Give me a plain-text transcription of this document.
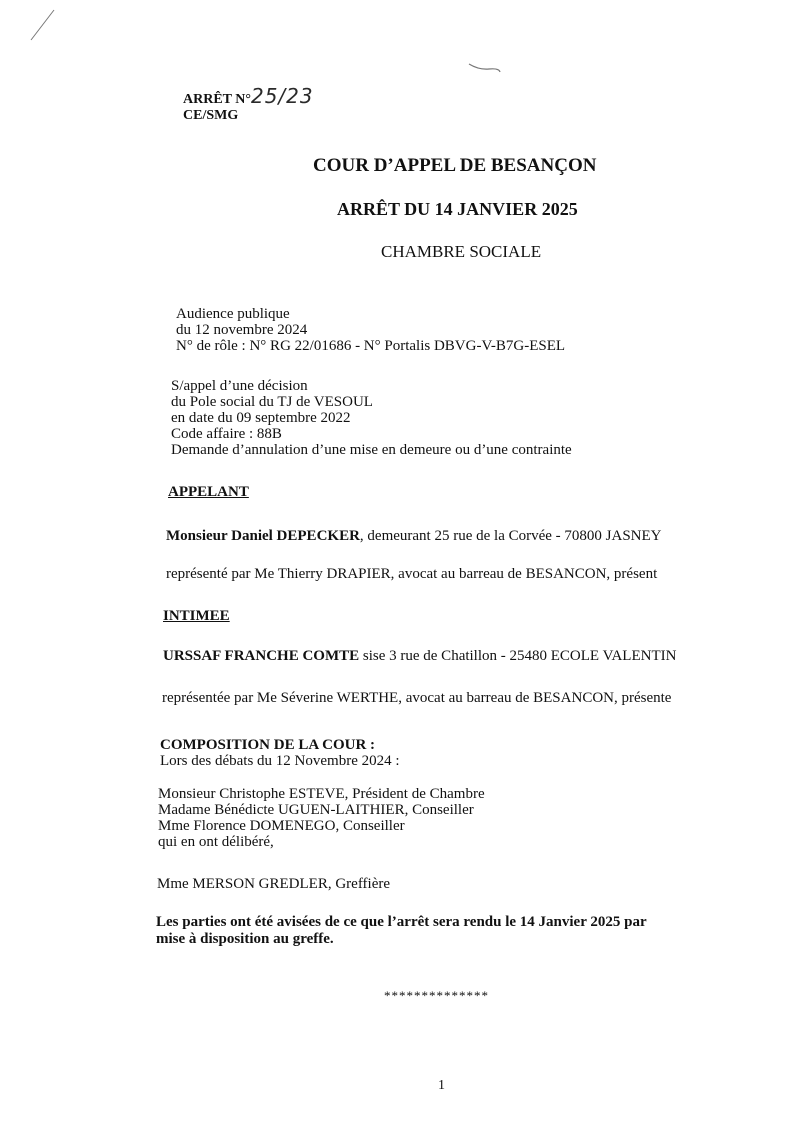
ARRÊT N°25/23
CE/SMG
COUR D’APPEL DE BESANÇON
ARRÊT DU 14 JANVIER 2025
CHAMBRE SOCIALE
Audience publique
du 12 novembre 2024
N° de rôle : N° RG 22/01686 - N° Portalis DBVG-V-B7G-ESEL
S/appel d’une décision
du Pole social du TJ de VESOUL
en date du 09 septembre 2022
Code affaire : 88B
Demande d’annulation d’une mise en demeure ou d’une contrainte
APPELANT
Monsieur Daniel DEPECKER, demeurant 25 rue de la Corvée - 70800 JASNEY
représenté par Me Thierry DRAPIER, avocat au barreau de BESANCON, présent
INTIMEE
URSSAF FRANCHE COMTE sise 3 rue de Chatillon - 25480 ECOLE VALENTIN
représentée par Me Séverine WERTHE, avocat au barreau de BESANCON, présente
COMPOSITION DE LA COUR :
Lors des débats du 12 Novembre 2024 :
Monsieur Christophe ESTEVE, Président de Chambre
Madame Bénédicte UGUEN-LAITHIER, Conseiller
Mme Florence DOMENEGO, Conseiller
qui en ont délibéré,
Mme MERSON GREDLER, Greffière
Les parties ont été avisées de ce que l’arrêt sera rendu le 14 Janvier 2025 par
mise à disposition au greffe.
**************
1
